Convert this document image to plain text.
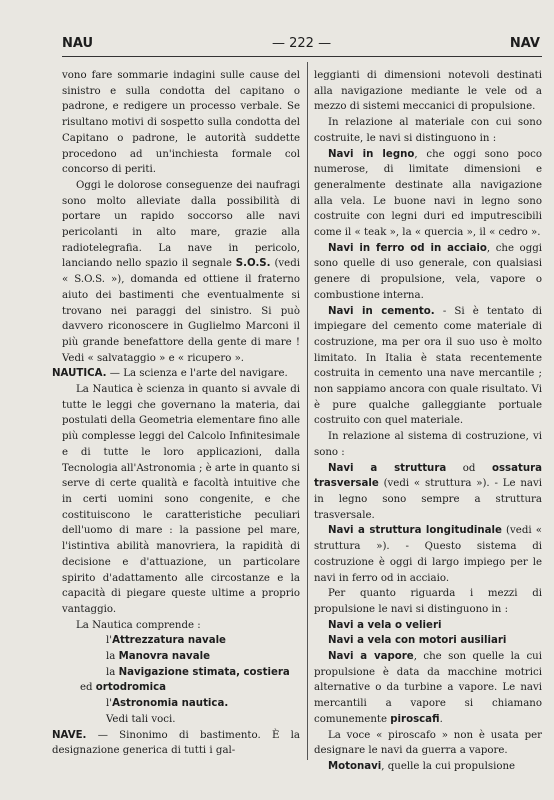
NAU	— 222 —	NAV

vono fare sommarie indagini sulle cause del sinistro e sulla condotta del capitano o padrone, e redigere un processo verbale. Se risultano motivi di sospetto sulla condotta del Capitano o padrone, le autorità suddette procedono ad un'inchiesta formale col concorso di periti.

Oggi le dolorose conseguenze dei naufragi sono molto alleviate dalla possibilità di portare un rapido soccorso alle navi pericolanti in alto mare, grazie alla radiotelegrafia. La nave in pericolo, lanciando nello spazio il segnale S.O.S. (vedi « S.O.S. »), domanda ed ottiene il fraterno aiuto dei bastimenti che eventualmente si trovano nei paraggi del sinistro. Si può davvero riconoscere in Guglielmo Marconi il più grande benefattore della gente di mare ! Vedi « salvataggio » e « ricupero ».

NAUTICA. — La scienza e l'arte del navigare.

La Nautica è scienza in quanto si avvale di tutte le leggi che governano la materia, dai postulati della Geometria elementare fino alle più complesse leggi del Calcolo Infinitesimale e di tutte le loro applicazioni, dalla Tecnologia all'Astronomia ; è arte in quanto si serve di certe qualità e facoltà intuitive che in certi uomini sono congenite, e che costituiscono le caratteristiche peculiari dell'uomo di mare : la passione pel mare, l'istintiva abilità manovriera, la rapidità di decisione e d'attuazione, un particolare spirito d'adattamento alle circostanze e la capacità di piegare queste ultime a proprio vantaggio.

La Nautica comprende :

l'Attrezzatura navale

la Manovra navale

la Navigazione stimata, costiera

ed ortodromica

l'Astronomia nautica.

Vedi tali voci.

NAVE. — Sinonimo di bastimento. È la designazione generica di tutti i gal-

leggianti di dimensioni notevoli destinati alla navigazione mediante le vele od a mezzo di sistemi meccanici di propulsione.

In relazione al materiale con cui sono costruite, le navi si distinguono in :

Navi in legno, che oggi sono poco numerose, di limitate dimensioni e generalmente destinate alla navigazione alla vela. Le buone navi in legno sono costruite con legni duri ed imputrescibili come il « teak », la « quercia », il « cedro ».

Navi in ferro od in acciaio, che oggi sono quelle di uso generale, con qualsiasi genere di propulsione, vela, vapore o combustione interna.

Navi in cemento. - Si è tentato di impiegare del cemento come materiale di costruzione, ma per ora il suo uso è molto limitato. In Italia è stata recentemente costruita in cemento una nave mercantile ; non sappiamo ancora con quale risultato. Vi è pure qualche galleggiante portuale costruito con quel materiale.

In relazione al sistema di costruzione, vi sono :

Navi a struttura od ossatura trasversale (vedi « struttura »). - Le navi in legno sono sempre a struttura trasversale.

Navi a struttura longitudinale (vedi « struttura »). - Questo sistema di costruzione è oggi di largo impiego per le navi in ferro od in acciaio.

Per quanto riguarda i mezzi di propulsione le navi si distinguono in :

Navi a vela o velieri

Navi a vela con motori ausiliari

Navi a vapore, che son quelle la cui propulsione è data da macchine motrici alternative o da turbine a vapore. Le navi mercantili a vapore si chiamano comunemente piroscafi.

La voce « piroscafo » non è usata per designare le navi da guerra a vapore.

Motonavi, quelle la cui propulsione
